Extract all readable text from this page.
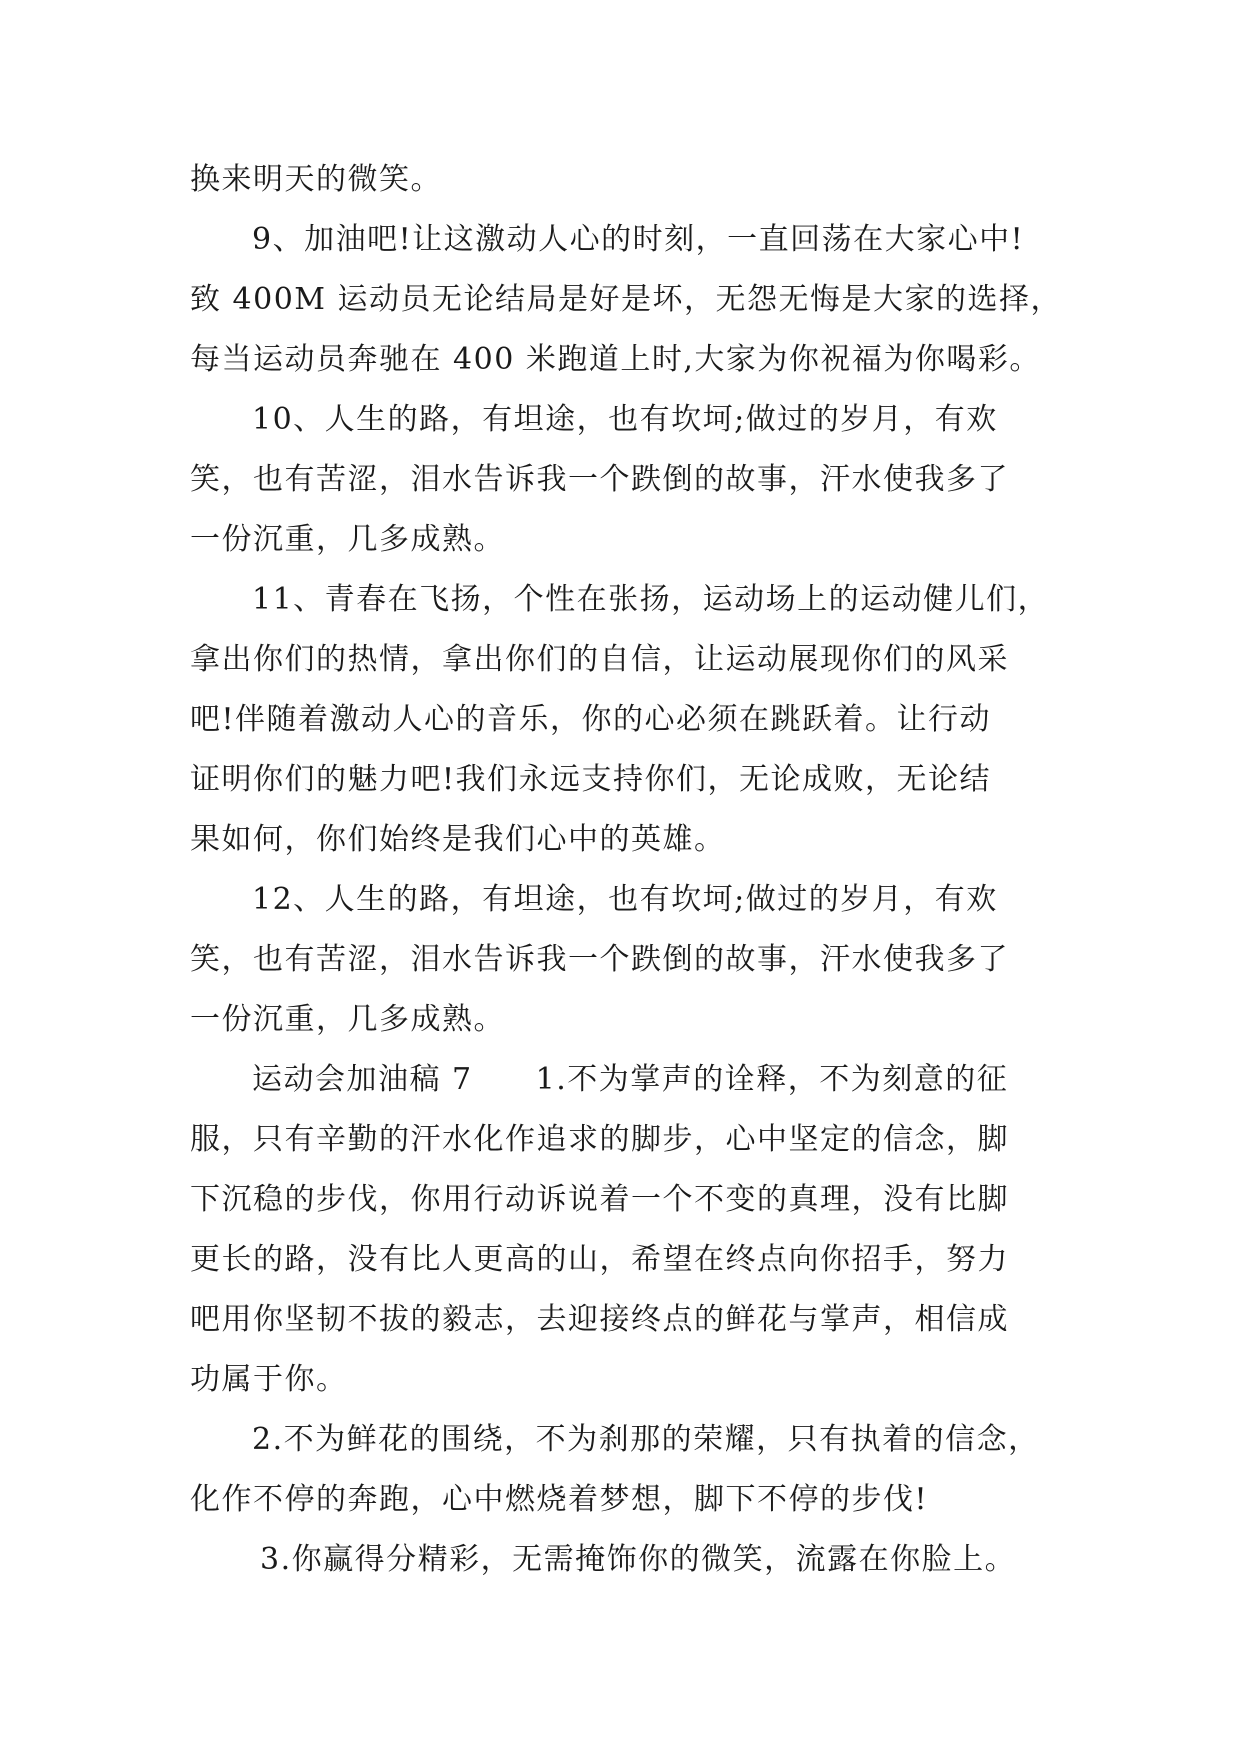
换来明天的微笑。
9、加油吧!让这激动人心的时刻，一直回荡在大家心中!
致 400M 运动员无论结局是好是坏，无怨无悔是大家的选择，
每当运动员奔驰在 400 米跑道上时,大家为你祝福为你喝彩。
10、人生的路，有坦途，也有坎坷;做过的岁月，有欢
笑，也有苦涩，泪水告诉我一个跌倒的故事，汗水使我多了
一份沉重，几多成熟。
11、青春在飞扬，个性在张扬，运动场上的运动健儿们，
拿出你们的热情，拿出你们的自信，让运动展现你们的风采
吧!伴随着激动人心的音乐，你的心必须在跳跃着。让行动
证明你们的魅力吧!我们永远支持你们，无论成败，无论结
果如何，你们始终是我们心中的英雄。
12、人生的路，有坦途，也有坎坷;做过的岁月，有欢
笑，也有苦涩，泪水告诉我一个跌倒的故事，汗水使我多了
一份沉重，几多成熟。
运动会加油稿 7　　1.不为掌声的诠释，不为刻意的征
服，只有辛勤的汗水化作追求的脚步，心中坚定的信念，脚
下沉稳的步伐，你用行动诉说着一个不变的真理，没有比脚
更长的路，没有比人更高的山，希望在终点向你招手，努力
吧用你坚韧不拔的毅志，去迎接终点的鲜花与掌声，相信成
功属于你。
2.不为鲜花的围绕，不为刹那的荣耀，只有执着的信念，
化作不停的奔跑，心中燃烧着梦想，脚下不停的步伐!
3.你赢得分精彩，无需掩饰你的微笑，流露在你脸上。
